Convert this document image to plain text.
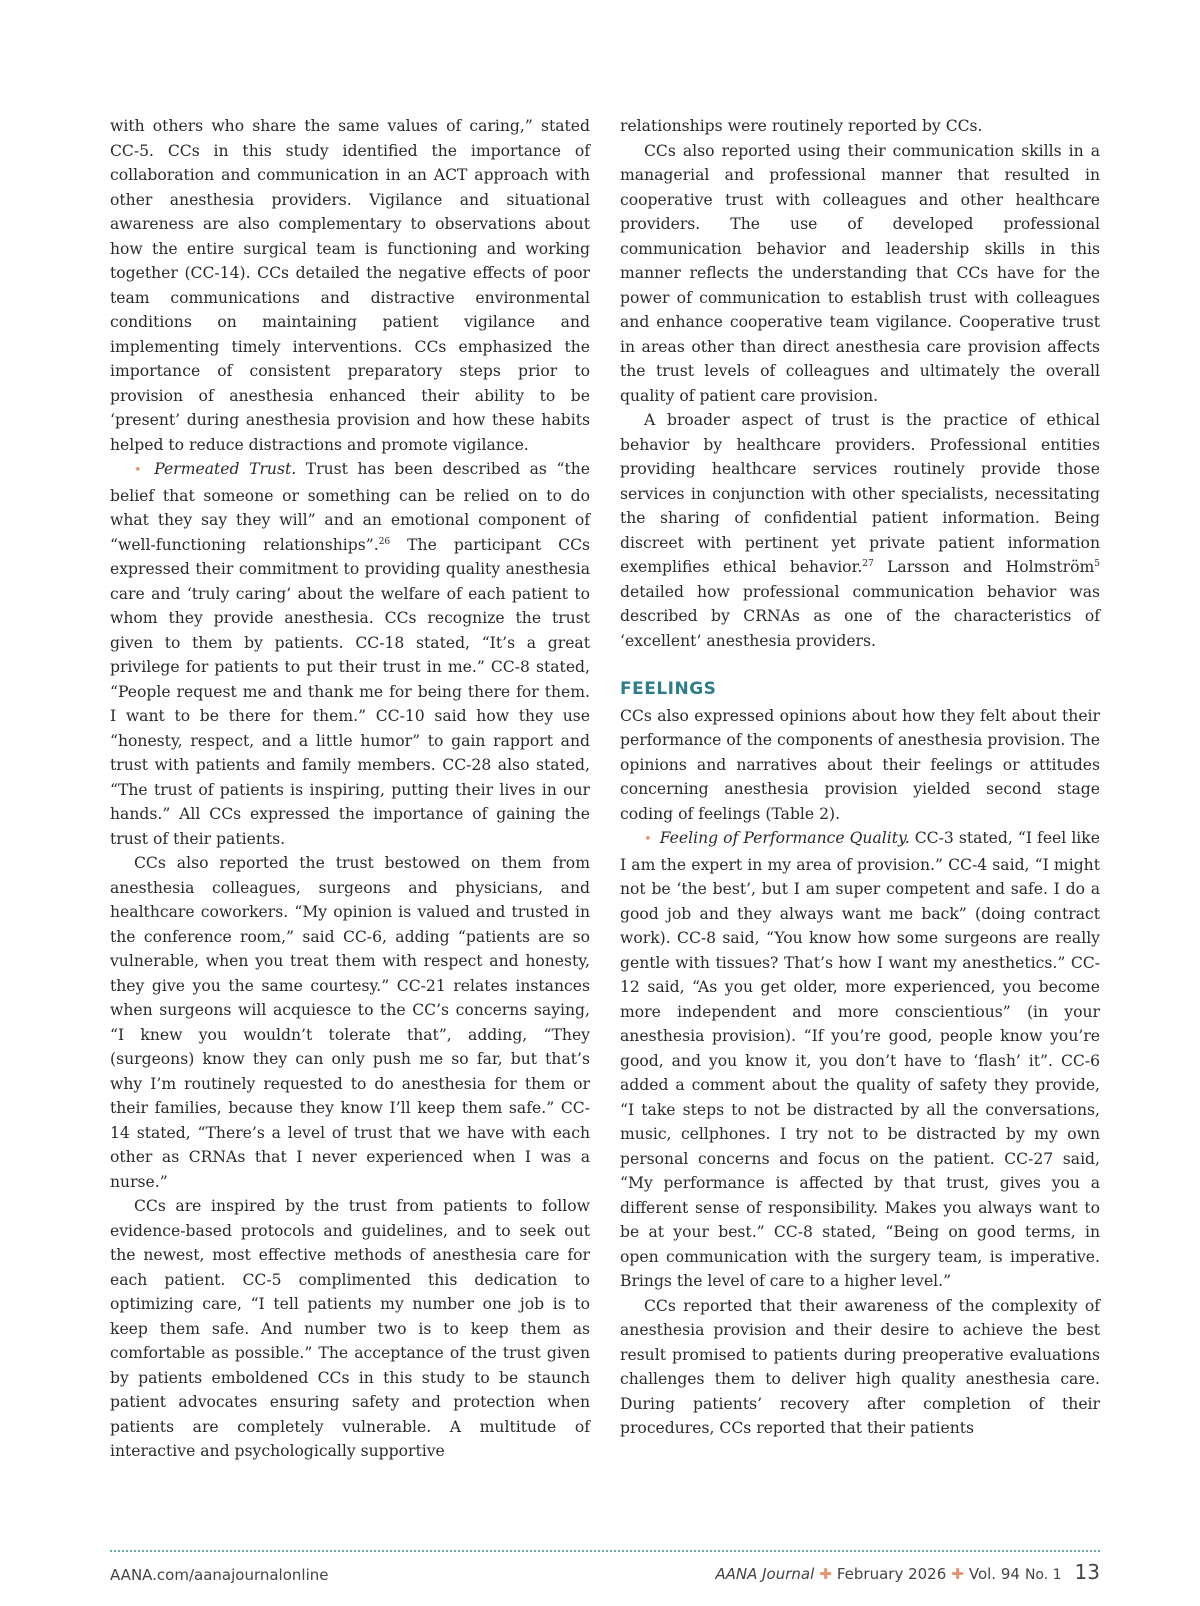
with others who share the same values of caring,” stated CC-5. CCs in this study identified the importance of collaboration and communication in an ACT approach with other anesthesia providers. Vigilance and situational awareness are also complementary to observations about how the entire surgical team is functioning and working together (CC-14). CCs detailed the negative effects of poor team communications and distractive environmental conditions on maintaining patient vigilance and implementing timely interventions. CCs emphasized the importance of consistent preparatory steps prior to provision of anesthesia enhanced their ability to be ‘present’ during anesthesia provision and how these habits helped to reduce distractions and promote vigilance.

• Permeated Trust. Trust has been described as “the belief that someone or something can be relied on to do what they say they will” and an emotional component of “well-functioning relationships”.$^{26}$ The participant CCs expressed their commitment to providing quality anesthesia care and ‘truly caring’ about the welfare of each patient to whom they provide anesthesia. CCs recognize the trust given to them by patients. CC-18 stated, “It’s a great privilege for patients to put their trust in me.” CC-8 stated, “People request me and thank me for being there for them. I want to be there for them.” CC-10 said how they use “honesty, respect, and a little humor” to gain rapport and trust with patients and family members. CC-28 also stated, “The trust of patients is inspiring, putting their lives in our hands.” All CCs expressed the importance of gaining the trust of their patients.

CCs also reported the trust bestowed on them from anesthesia colleagues, surgeons and physicians, and healthcare coworkers. “My opinion is valued and trusted in the conference room,” said CC-6, adding “patients are so vulnerable, when you treat them with respect and honesty, they give you the same courtesy.” CC-21 relates instances when surgeons will acquiesce to the CC’s concerns saying, “I knew you wouldn’t tolerate that”, adding, “They (surgeons) know they can only push me so far, but that’s why I’m routinely requested to do anesthesia for them or their families, because they know I’ll keep them safe.” CC-14 stated, “There’s a level of trust that we have with each other as CRNAs that I never experienced when I was a nurse.”

CCs are inspired by the trust from patients to follow evidence-based protocols and guidelines, and to seek out the newest, most effective methods of anesthesia care for each patient. CC-5 complimented this dedication to optimizing care, “I tell patients my number one job is to keep them safe. And number two is to keep them as comfortable as possible.” The acceptance of the trust given by patients emboldened CCs in this study to be staunch patient advocates ensuring safety and protection when patients are completely vulnerable. A multitude of interactive and psychologically supportive

relationships were routinely reported by CCs.

CCs also reported using their communication skills in a managerial and professional manner that resulted in cooperative trust with colleagues and other healthcare providers. The use of developed professional communication behavior and leadership skills in this manner reflects the understanding that CCs have for the power of communication to establish trust with colleagues and enhance cooperative team vigilance. Cooperative trust in areas other than direct anesthesia care provision affects the trust levels of colleagues and ultimately the overall quality of patient care provision.

A broader aspect of trust is the practice of ethical behavior by healthcare providers. Professional entities providing healthcare services routinely provide those services in conjunction with other specialists, necessitating the sharing of confidential patient information. Being discreet with pertinent yet private patient information exemplifies ethical behavior.$^{27}$ Larsson and Holmström$^5$ detailed how professional communication behavior was described by CRNAs as one of the characteristics of ‘excellent’ anesthesia providers.

FEELINGS

CCs also expressed opinions about how they felt about their performance of the components of anesthesia provision. The opinions and narratives about their feelings or attitudes concerning anesthesia provision yielded second stage coding of feelings (Table 2).

• Feeling of Performance Quality. CC-3 stated, “I feel like I am the expert in my area of provision.” CC-4 said, “I might not be ‘the best’, but I am super competent and safe. I do a good job and they always want me back” (doing contract work). CC-8 said, “You know how some surgeons are really gentle with tissues? That’s how I want my anesthetics.” CC-12 said, “As you get older, more experienced, you become more independent and more conscientious” (in your anesthesia provision). “If you’re good, people know you’re good, and you know it, you don’t have to ‘flash’ it”. CC-6 added a comment about the quality of safety they provide, “I take steps to not be distracted by all the conversations, music, cellphones. I try not to be distracted by my own personal concerns and focus on the patient. CC-27 said, “My performance is affected by that trust, gives you a different sense of responsibility. Makes you always want to be at your best.” CC-8 stated, “Being on good terms, in open communication with the surgery team, is imperative. Brings the level of care to a higher level.”

CCs reported that their awareness of the complexity of anesthesia provision and their desire to achieve the best result promised to patients during preoperative evaluations challenges them to deliver high quality anesthesia care. During patients’ recovery after completion of their procedures, CCs reported that their patients

AANA.com/aanajournalonline	AANA Journal ✚ February 2026 ✚ Vol. 94 No. 1 13
